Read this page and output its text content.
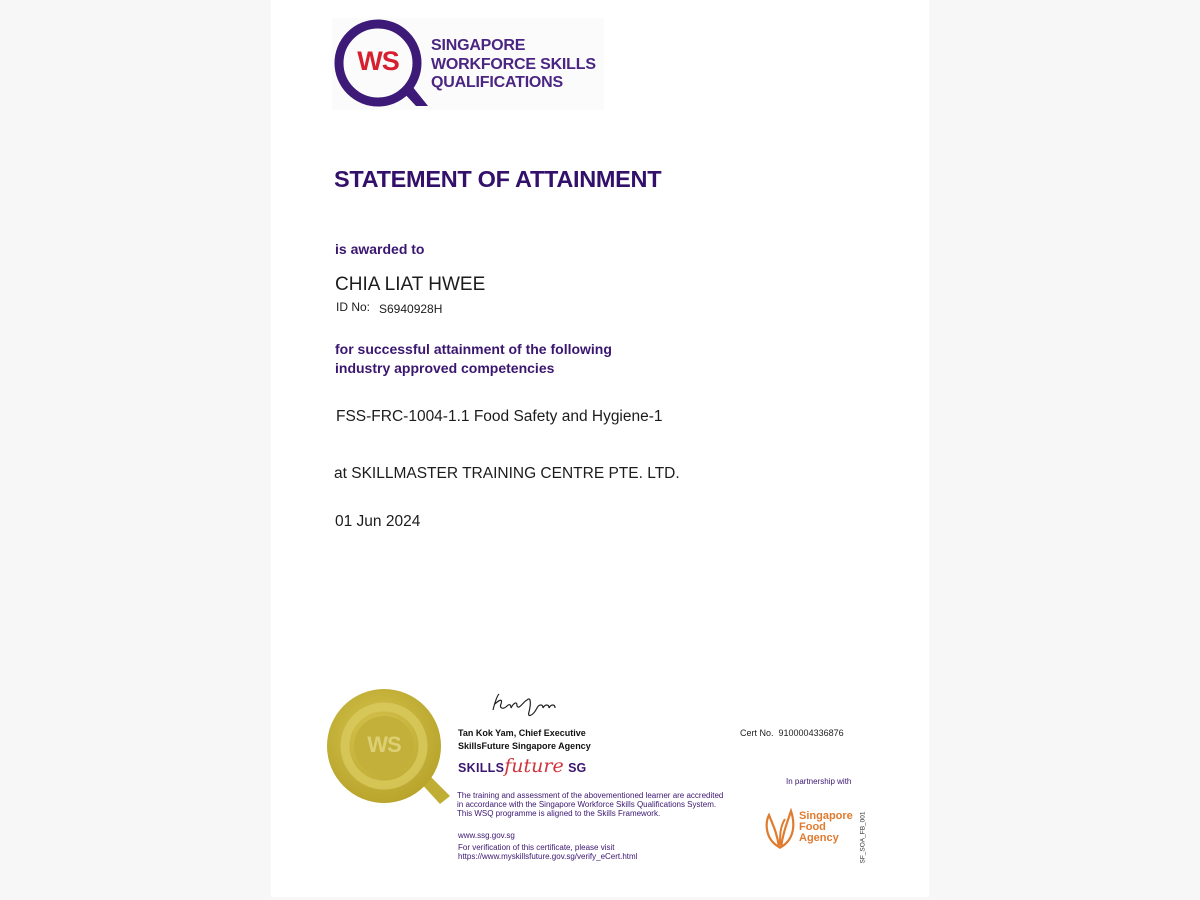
WS
SINGAPORE
WORKFORCE SKILLS
QUALIFICATIONS
STATEMENT OF ATTAINMENT
is awarded to
CHIA LIAT HWEE
ID No: S6940928H
for successful attainment of the following
industry approved competencies
FSS-FRC-1004-1.1 Food Safety and Hygiene-1
at SKILLMASTER TRAINING CENTRE PTE. LTD.
01 Jun 2024
WS	Tan Kok Yam, Chief Executive
SkillsFuture Singapore Agency
SKILLSfuture SG
The training and assessment of the abovementioned learner are accredited
in accordance with the Singapore Workforce Skills Qualifications System.
This WSQ programme is aligned to the Skills Framework.
www.ssg.gov.sg
For verification of this certificate, please visit
https://www.myskillsfuture.gov.sg/verify_eCert.html
Cert No. 9100004336876
In partnership with
Singapore
Food
Agency	SF_SOA_FB_001
